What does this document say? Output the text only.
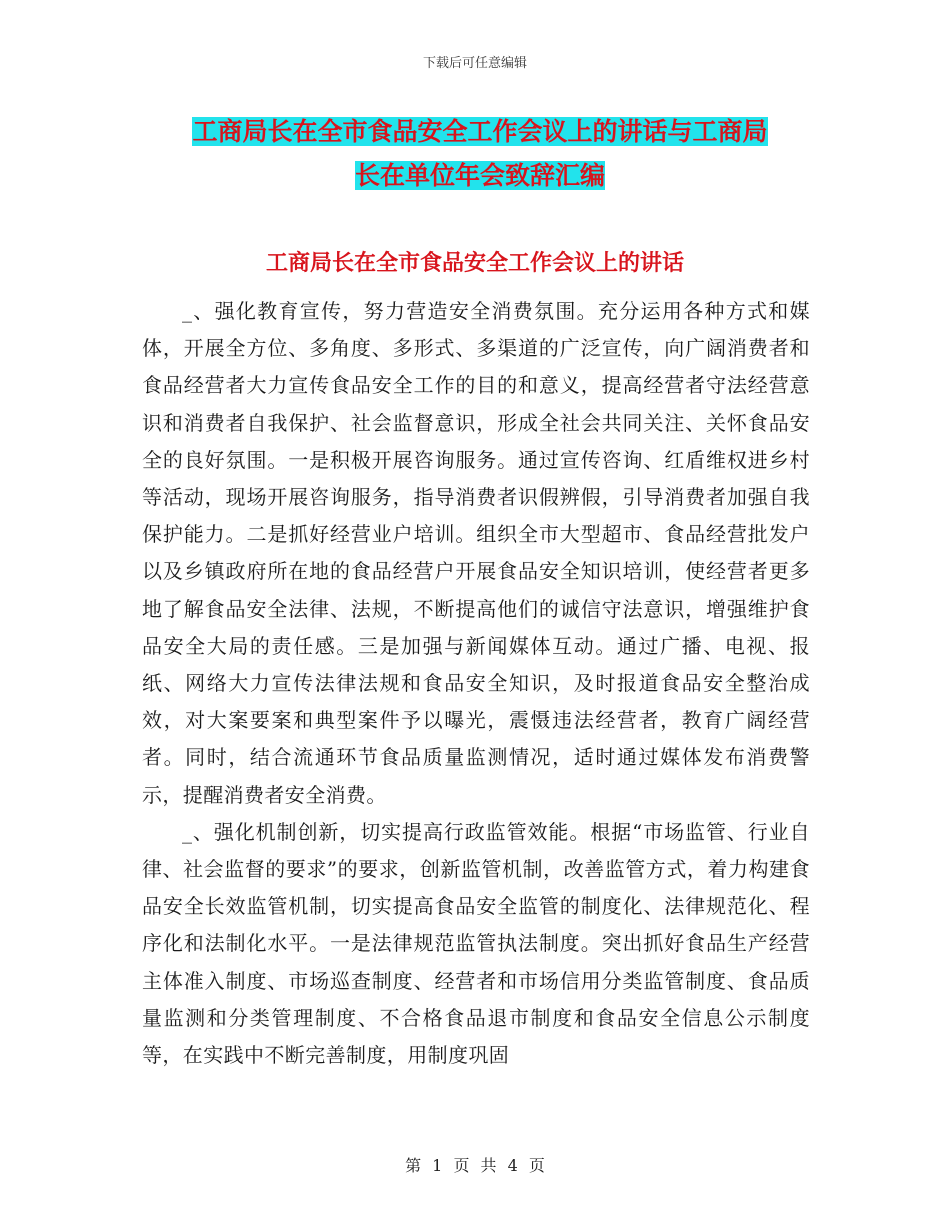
下载后可任意编辑
工商局长在全市食品安全工作会议上的讲话与工商局
长在单位年会致辞汇编
工商局长在全市食品安全工作会议上的讲话

_、强化教育宣传，努力营造安全消费氛围。充分运用各种方式和媒体，开展全方位、多角度、多形式、多渠道的广泛宣传，向广阔消费者和食品经营者大力宣传食品安全工作的目的和意义，提高经营者守法经营意识和消费者自我保护、社会监督意识，形成全社会共同关注、关怀食品安全的良好氛围。一是积极开展咨询服务。通过宣传咨询、红盾维权进乡村等活动，现场开展咨询服务，指导消费者识假辨假，引导消费者加强自我保护能力。二是抓好经营业户培训。组织全市大型超市、食品经营批发户以及乡镇政府所在地的食品经营户开展食品安全知识培训，使经营者更多地了解食品安全法律、法规，不断提高他们的诚信守法意识，增强维护食品安全大局的责任感。三是加强与新闻媒体互动。通过广播、电视、报纸、网络大力宣传法律法规和食品安全知识，及时报道食品安全整治成效，对大案要案和典型案件予以曝光，震慑违法经营者，教育广阔经营者。同时，结合流通环节食品质量监测情况，适时通过媒体发布消费警示，提醒消费者安全消费。

_、强化机制创新，切实提高行政监管效能。根据“市场监管、行业自律、社会监督的要求”的要求，创新监管机制，改善监管方式，着力构建食品安全长效监管机制，切实提高食品安全监管的制度化、法律规范化、程序化和法制化水平。一是法律规范监管执法制度。突出抓好食品生产经营主体准入制度、市场巡查制度、经营者和市场信用分类监管制度、食品质量监测和分类管理制度、不合格食品退市制度和食品安全信息公示制度等，在实践中不断完善制度，用制度巩固

第 1 页 共 4 页
